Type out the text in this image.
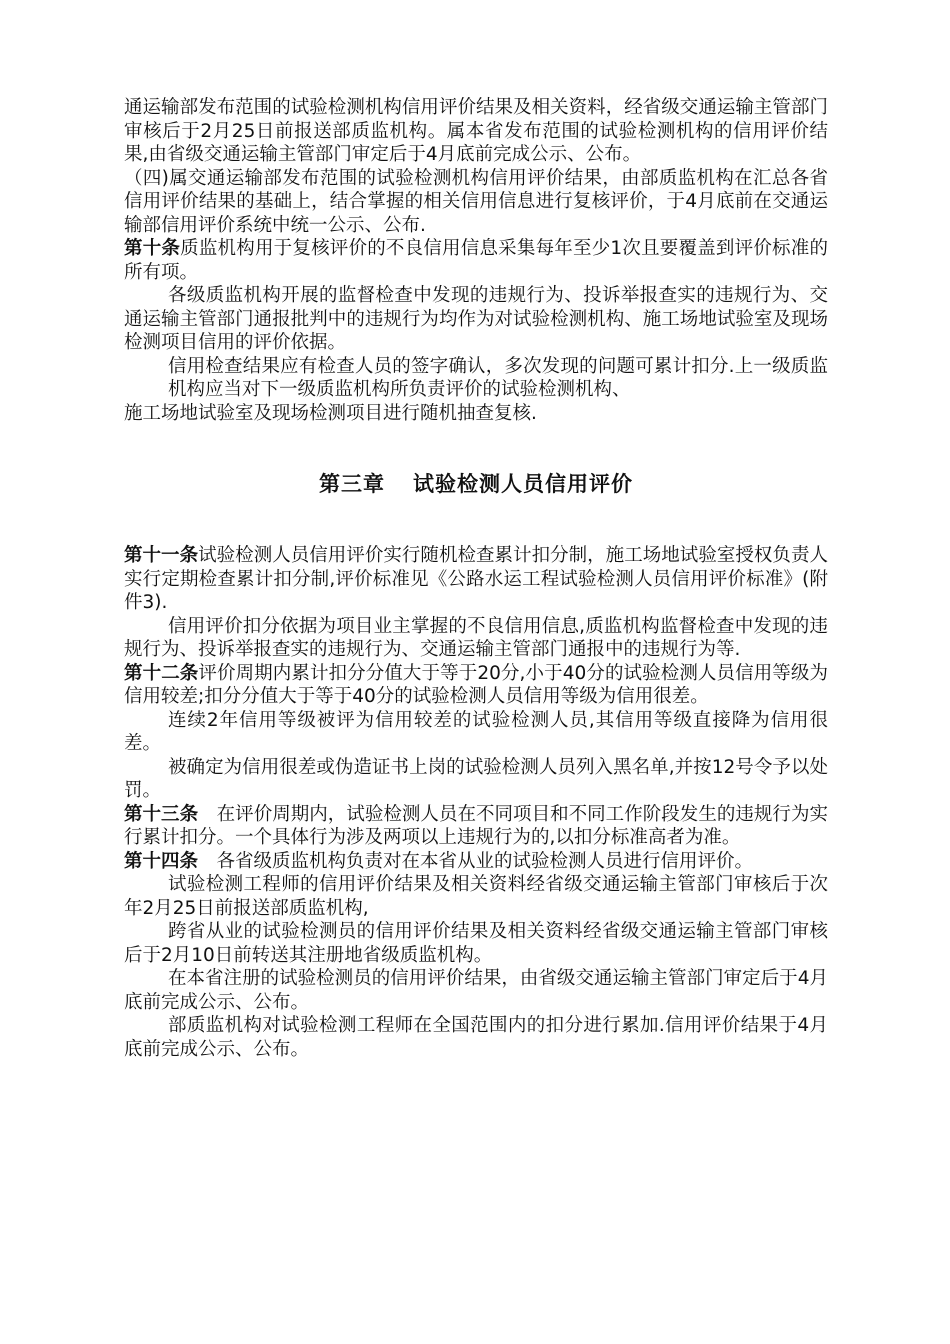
通运输部发布范围的试验检测机构信用评价结果及相关资料，经省级交通运输主管部门审核后于2月25日前报送部质监机构。属本省发布范围的试验检测机构的信用评价结果,由省级交通运输主管部门审定后于4月底前完成公示、公布。

（四)属交通运输部发布范围的试验检测机构信用评价结果，由部质监机构在汇总各省信用评价结果的基础上，结合掌握的相关信用信息进行复核评价，于4月底前在交通运输部信用评价系统中统一公示、公布.

第十条质监机构用于复核评价的不良信用信息采集每年至少1次且要覆盖到评价标准的所有项。

各级质监机构开展的监督检查中发现的违规行为、投诉举报查实的违规行为、交通运输主管部门通报批判中的违规行为均作为对试验检测机构、施工场地试验室及现场检测项目信用的评价依据。

信用检查结果应有检查人员的签字确认，多次发现的问题可累计扣分.上一级质监机构应当对下一级质监机构所负责评价的试验检测机构、

施工场地试验室及现场检测项目进行随机抽查复核.

第三章 试验检测人员信用评价

第十一条试验检测人员信用评价实行随机检查累计扣分制，施工场地试验室授权负责人实行定期检查累计扣分制,评价标准见《公路水运工程试验检测人员信用评价标准》(附件3).

信用评价扣分依据为项目业主掌握的不良信用信息,质监机构监督检查中发现的违规行为、投诉举报查实的违规行为、交通运输主管部门通报中的违规行为等.

第十二条评价周期内累计扣分分值大于等于20分,小于40分的试验检测人员信用等级为信用较差;扣分分值大于等于40分的试验检测人员信用等级为信用很差。

连续2年信用等级被评为信用较差的试验检测人员,其信用等级直接降为信用很差。

被确定为信用很差或伪造证书上岗的试验检测人员列入黑名单,并按12号令予以处罚。

第十三条　在评价周期内，试验检测人员在不同项目和不同工作阶段发生的违规行为实行累计扣分。一个具体行为涉及两项以上违规行为的,以扣分标准高者为准。

第十四条　各省级质监机构负责对在本省从业的试验检测人员进行信用评价。

试验检测工程师的信用评价结果及相关资料经省级交通运输主管部门审核后于次年2月25日前报送部质监机构,

跨省从业的试验检测员的信用评价结果及相关资料经省级交通运输主管部门审核后于2月10日前转送其注册地省级质监机构。

在本省注册的试验检测员的信用评价结果，由省级交通运输主管部门审定后于4月底前完成公示、公布。

部质监机构对试验检测工程师在全国范围内的扣分进行累加.信用评价结果于4月底前完成公示、公布。
